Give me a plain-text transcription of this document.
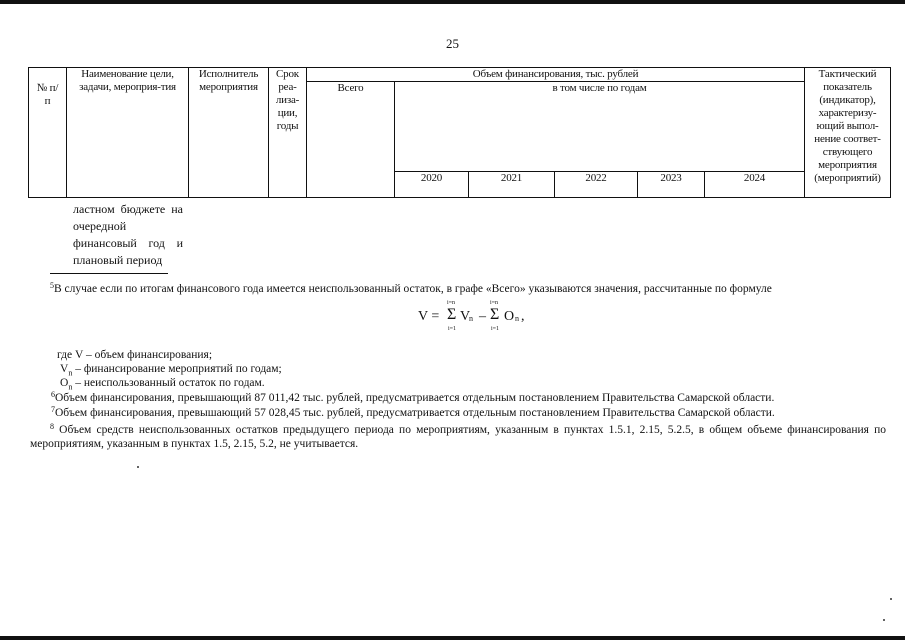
25
№ п/п	Наименование цели, задачи, мероприя-тия	Исполнитель мероприятия	Срок реа-лиза-ции, годы	Объем финансирования, тыс. рублей						Тактический показатель (индикатор), характеризу-ющий выпол-нение соответ-ствующего мероприятия (мероприятий)
				Всего	в том числе по годам					
					2020	2021	2022	2023	2024	
ластном бюджете на очередной финансовый год и плановый период
$^5$В случае если по итогам финансового года имеется неиспользованный остаток, в графе «Всего» указываются значения, рассчитанные по формуле
V =
i=n
Σ
i=1
V
n –
i=n
Σ
i=1
O n ,
где V – объем финансирования;
$V_n$ – финансирование мероприятий по годам;
$O_n$ – неиспользованный остаток по годам.
$^6$Объем финансирования, превышающий 87 011,42 тыс. рублей, предусматривается отдельным постановлением Правительства Самарской области.
$^7$Объем финансирования, превышающий 57 028,45 тыс. рублей, предусматривается отдельным постановлением Правительства Самарской области.
$^8$ Объем средств неиспользованных остатков предыдущего периода по мероприятиям, указанным в пунктах 1.5.1, 2.15, 5.2.5, в общем объеме финансирования по мероприятиям, указанным в пунктах 1.5, 2.15, 5.2, не учитывается.
